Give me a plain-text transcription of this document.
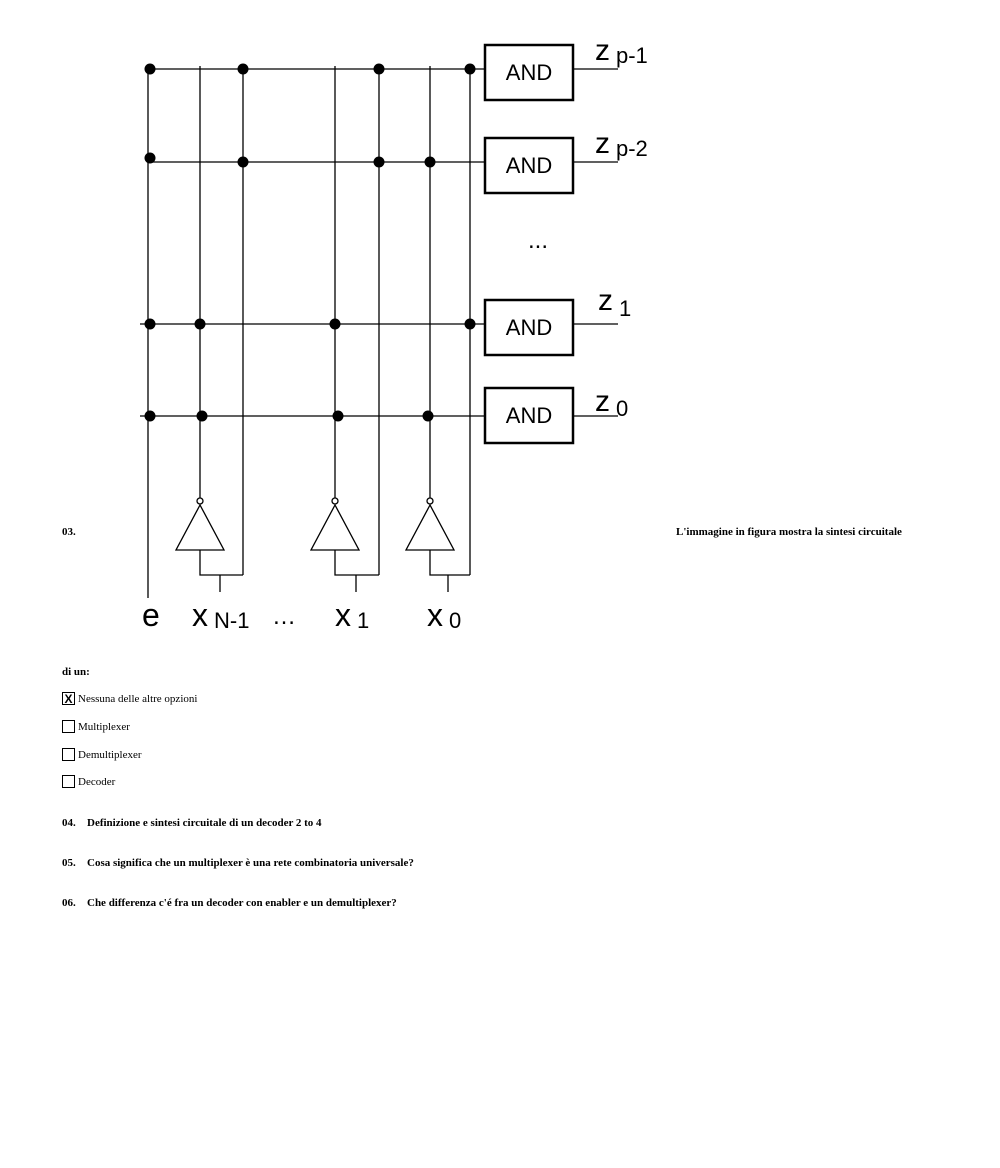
03.	L'immagine in figura mostra la sintesi circuitale
AND
AND
AND
AND
z p-1
z p-2
z 1
z 0
...
e x N-1 … x 1 x 0
di un:
X Nessuna delle altre opzioni
Multiplexer
Demultiplexer
Decoder
04. Definizione e sintesi circuitale di un decoder 2 to 4
05. Cosa significa che un multiplexer è una rete combinatoria universale?
06. Che differenza c'é fra un decoder con enabler e un demultiplexer?
